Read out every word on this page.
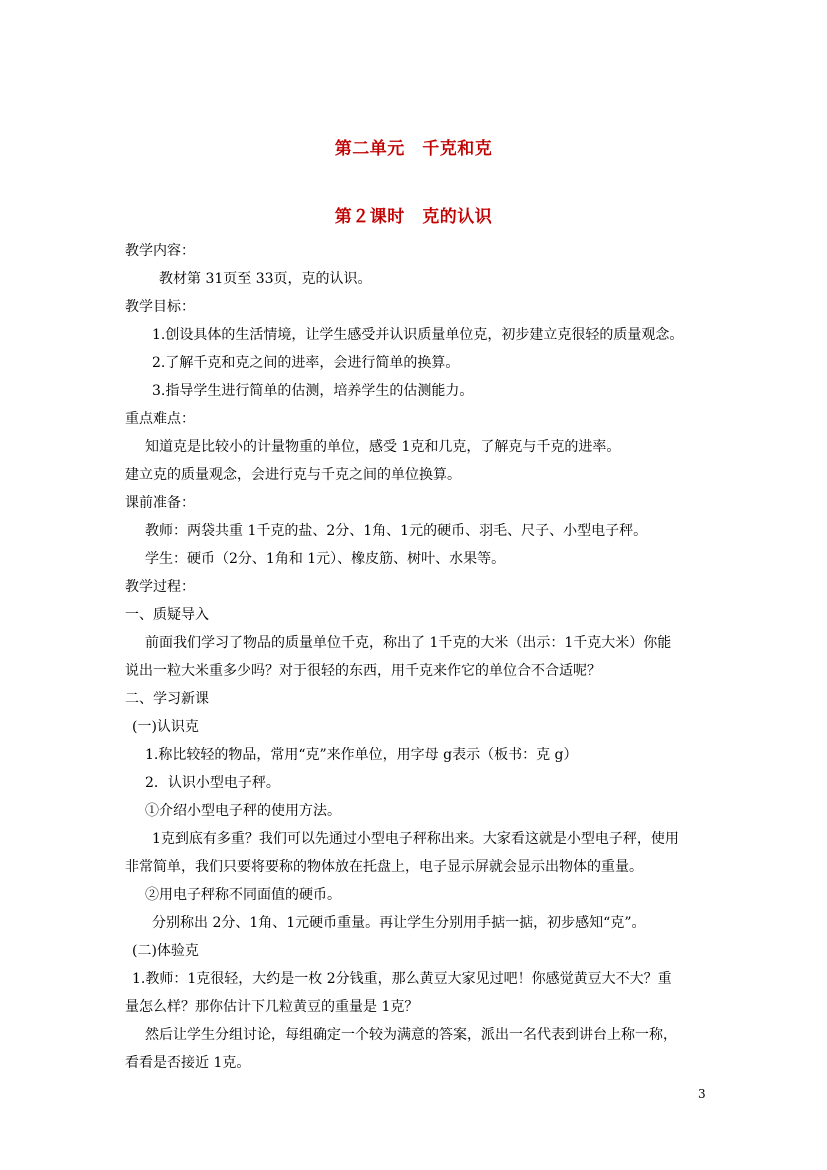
第二单元　千克和克
第２课时　克的认识
教学内容：
教材第 31页至 33页，克的认识。
教学目标：
1.创设具体的生活情境，让学生感受并认识质量单位克，初步建立克很轻的质量观念。
2.了解千克和克之间的进率，会进行简单的换算。
3.指导学生进行简单的估测，培养学生的估测能力。
重点难点：
知道克是比较小的计量物重的单位，感受 1克和几克，了解克与千克的进率。
建立克的质量观念，会进行克与千克之间的单位换算。
课前准备：
教师：两袋共重 1千克的盐、2分、1角、1元的硬币、羽毛、尺子、小型电子秤。
学生：硬币（2分、1角和 1元）、橡皮筋、树叶、水果等。
教学过程：
一、质疑导入
前面我们学习了物品的质量单位千克，称出了 1千克的大米（出示：1千克大米）你能
说出一粒大米重多少吗？对于很轻的东西，用千克来作它的单位合不合适呢？
二、学习新课
(一)认识克
1.称比较轻的物品，常用“克”来作单位，用字母 g表示（板书：克 g）
2．认识小型电子秤。
①介绍小型电子秤的使用方法。
1克到底有多重？我们可以先通过小型电子秤称出来。大家看这就是小型电子秤，使用
非常简单，我们只要将要称的物体放在托盘上，电子显示屏就会显示出物体的重量。
②用电子秤称不同面值的硬币。
分别称出 2分、1角、1元硬币重量。再让学生分别用手掂一掂，初步感知“克”。
(二)体验克
1.教师：1克很轻，大约是一枚 2分钱重，那么黄豆大家见过吧！你感觉黄豆大不大？重
量怎么样？那你估计下几粒黄豆的重量是 1克？
然后让学生分组讨论，每组确定一个较为满意的答案，派出一名代表到讲台上称一称，
看看是否接近 1克。
3
